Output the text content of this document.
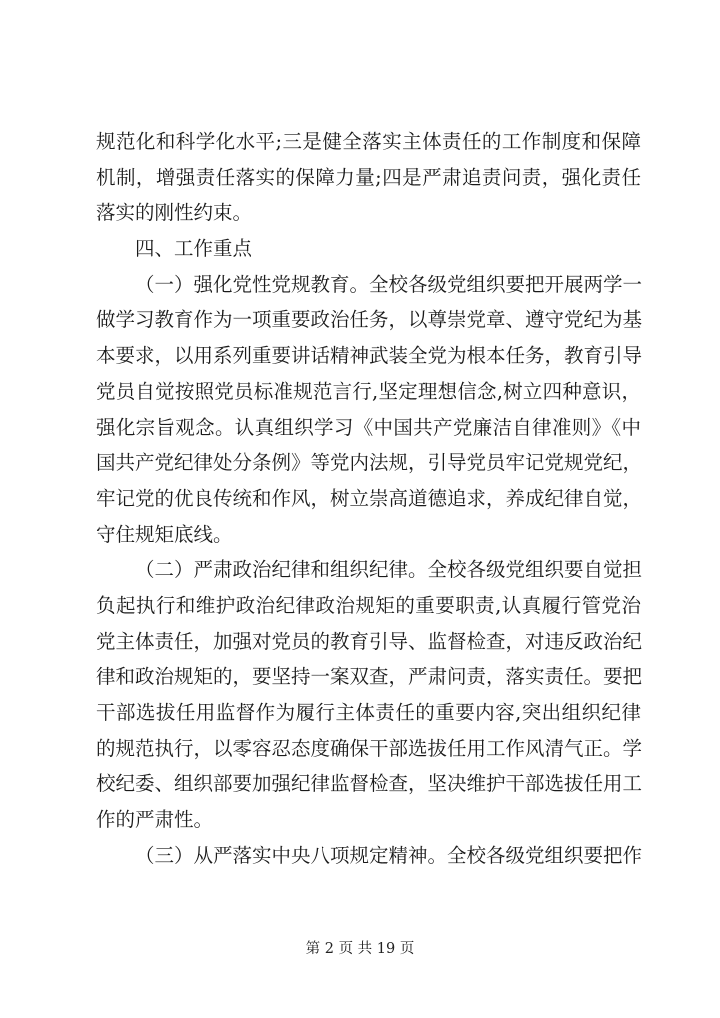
规范化和科学化水平;三是健全落实主体责任的工作制度和保障
机制，增强责任落实的保障力量;四是严肃追责问责，强化责任
落实的刚性约束。
四、工作重点
（一）强化党性党规教育。全校各级党组织要把开展两学一
做学习教育作为一项重要政治任务，以尊崇党章、遵守党纪为基
本要求，以用系列重要讲话精神武装全党为根本任务，教育引导
党员自觉按照党员标准规范言行,坚定理想信念,树立四种意识，
强化宗旨观念。认真组织学习《中国共产党廉洁自律准则》《中
国共产党纪律处分条例》等党内法规，引导党员牢记党规党纪，
牢记党的优良传统和作风，树立崇高道德追求，养成纪律自觉，
守住规矩底线。
（二）严肃政治纪律和组织纪律。全校各级党组织要自觉担
负起执行和维护政治纪律政治规矩的重要职责,认真履行管党治
党主体责任，加强对党员的教育引导、监督检查，对违反政治纪
律和政治规矩的，要坚持一案双查，严肃问责，落实责任。要把
干部选拔任用监督作为履行主体责任的重要内容,突出组织纪律
的规范执行，以零容忍态度确保干部选拔任用工作风清气正。学
校纪委、组织部要加强纪律监督检查，坚决维护干部选拔任用工
作的严肃性。
（三）从严落实中央八项规定精神。全校各级党组织要把作
第 2 页 共 19 页
